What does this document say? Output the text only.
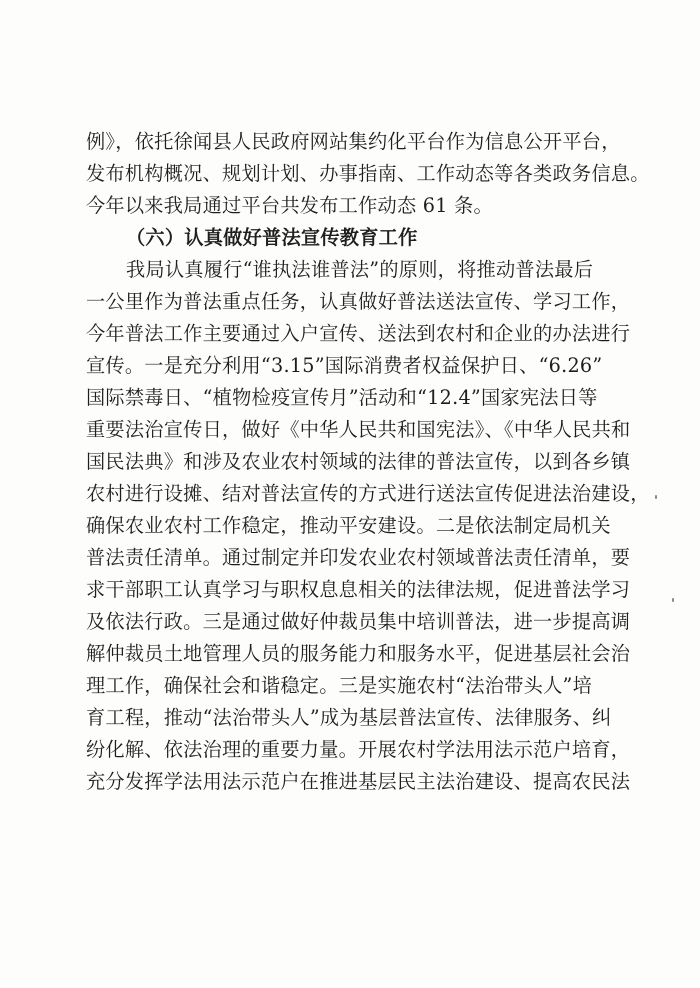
例》，依托徐闻县人民政府网站集约化平台作为信息公开平台，
发布机构概况、规划计划、办事指南、工作动态等各类政务信息。
今年以来我局通过平台共发布工作动态 61 条。
（六）认真做好普法宣传教育工作
我局认真履行“谁执法谁普法”的原则，将推动普法最后
一公里作为普法重点任务，认真做好普法送法宣传、学习工作，
今年普法工作主要通过入户宣传、送法到农村和企业的办法进行
宣传。一是充分利用“3.15”国际消费者权益保护日、“6.26”
国际禁毒日、“植物检疫宣传月”活动和“12.4”国家宪法日等
重要法治宣传日，做好《中华人民共和国宪法》、《中华人民共和
国民法典》和涉及农业农村领域的法律的普法宣传，以到各乡镇
农村进行设摊、结对普法宣传的方式进行送法宣传促进法治建设，
确保农业农村工作稳定，推动平安建设。二是依法制定局机关
普法责任清单。通过制定并印发农业农村领域普法责任清单，要
求干部职工认真学习与职权息息相关的法律法规，促进普法学习
及依法行政。三是通过做好仲裁员集中培训普法，进一步提高调
解仲裁员土地管理人员的服务能力和服务水平，促进基层社会治
理工作，确保社会和谐稳定。三是实施农村“法治带头人”培
育工程，推动“法治带头人”成为基层普法宣传、法律服务、纠
纷化解、依法治理的重要力量。开展农村学法用法示范户培育，
充分发挥学法用法示范户在推进基层民主法治建设、提高农民法
